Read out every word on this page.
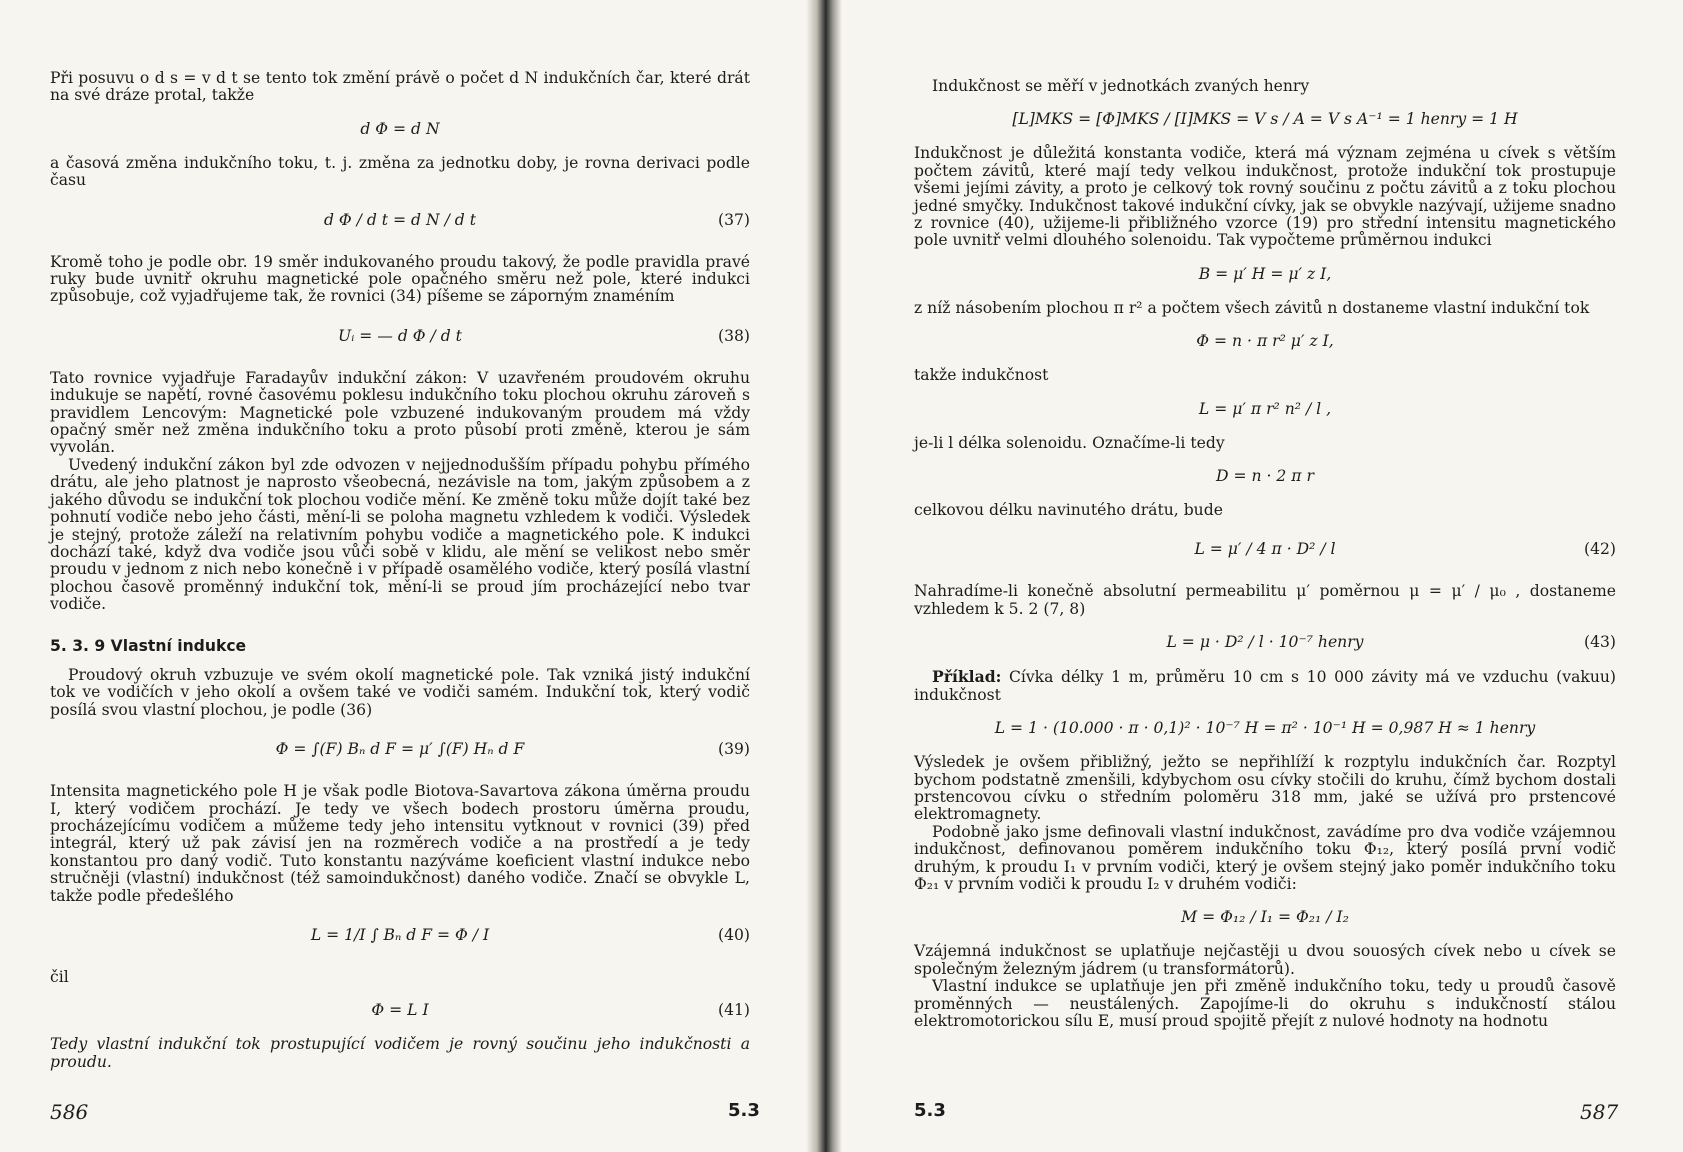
Při posuvu o d s = v d t se tento tok změní právě o počet d N indukčních čar, které drát na své dráze protal, takže

d Φ = d N

a časová změna indukčního toku, t. j. změna za jednotku doby, je rovna derivaci podle času

d Φ / d t = d N / d t	(37)

Kromě toho je podle obr. 19 směr indukovaného proudu takový, že podle pravidla pravé ruky bude uvnitř okruhu magnetické pole opačného směru než pole, které indukci způsobuje, což vyjadřujeme tak, že rovnici (34) píšeme se záporným znaméním

Uᵢ = — d Φ / d t	(38)

Tato rovnice vyjadřuje Faradayův indukční zákon: V uzavřeném proudovém okruhu indukuje se napětí, rovné časovému poklesu indukčního toku plochou okruhu zároveň s pravidlem Lencovým: Magnetické pole vzbuzené indukovaným proudem má vždy opačný směr než změna indukčního toku a proto působí proti změně, kterou je sám vyvolán.

Uvedený indukční zákon byl zde odvozen v nejjednodušším případu pohybu přímého drátu, ale jeho platnost je naprosto všeobecná, nezávisle na tom, jakým způsobem a z jakého důvodu se indukční tok plochou vodiče mění. Ke změně toku může dojít také bez pohnutí vodiče nebo jeho části, mění-li se poloha magnetu vzhledem k vodiči. Výsledek je stejný, protože záleží na relativním pohybu vodiče a magnetického pole. K indukci dochází také, když dva vodiče jsou vůči sobě v klidu, ale mění se velikost nebo směr proudu v jednom z nich nebo konečně i v případě osamělého vodiče, který posílá vlastní plochou časově proměnný indukční tok, mění-li se proud jím procházející nebo tvar vodiče.

5. 3. 9 Vlastní indukce

Proudový okruh vzbuzuje ve svém okolí magnetické pole. Tak vzniká jistý indukční tok ve vodičích v jeho okolí a ovšem také ve vodiči samém. Indukční tok, který vodič posílá svou vlastní plochou, je podle (36)

Φ = ∫(F) Bₙ d F = μ′ ∫(F) Hₙ d F	(39)

Intensita magnetického pole H je však podle Biotova-Savartova zákona úměrna proudu I, který vodičem prochází. Je tedy ve všech bodech prostoru úměrna proudu, procházejícímu vodičem a můžeme tedy jeho intensitu vytknout v rovnici (39) před integrál, který už pak závisí jen na rozměrech vodiče a na prostředí a je tedy konstantou pro daný vodič. Tuto konstantu nazýváme koeficient vlastní indukce nebo stručněji (vlastní) indukčnost (též samoindukčnost) daného vodiče. Značí se obvykle L, takže podle předešlého

L = 1/I ∫ Bₙ d F = Φ / I	(40)

čil

Φ = L I	(41)

Tedy vlastní indukční tok prostupující vodičem je rovný součinu jeho indukčnosti a proudu.

586	5.3

Indukčnost se měří v jednotkách zvaných henry

[L]MKS = [Φ]MKS / [I]MKS = V s / A = V s A⁻¹ = 1 henry = 1 H

Indukčnost je důležitá konstanta vodiče, která má význam zejména u cívek s větším počtem závitů, které mají tedy velkou indukčnost, protože indukční tok prostupuje všemi jejími závity, a proto je celkový tok rovný součinu z počtu závitů a z toku plochou jedné smyčky. Indukčnost takové indukční cívky, jak se obvykle nazývají, užijeme snadno z rovnice (40), užijeme-li přibližného vzorce (19) pro střední intensitu magnetického pole uvnitř velmi dlouhého solenoidu. Tak vypočteme průměrnou indukci

B = μ′ H = μ′ z I,

z níž násobením plochou π r² a počtem všech závitů n dostaneme vlastní indukční tok

Φ = n · π r² μ′ z I,

takže indukčnost

L = μ′ π r² n² / l ,

je-li l délka solenoidu. Označíme-li tedy

D = n · 2 π r

celkovou délku navinutého drátu, bude

L = μ′ / 4 π · D² / l	(42)

Nahradíme-li konečně absolutní permeabilitu μ′ poměrnou μ = μ′ / μ₀ , dostaneme vzhledem k 5. 2 (7, 8)

L = μ · D² / l · 10⁻⁷ henry	(43)

Příklad: Cívka délky 1 m, průměru 10 cm s 10 000 závity má ve vzduchu (vakuu) indukčnost

L = 1 · (10.000 · π · 0,1)² · 10⁻⁷ H = π² · 10⁻¹ H = 0,987 H ≈ 1 henry

Výsledek je ovšem přibližný, ježto se nepřihlíží k rozptylu indukčních čar. Rozptyl bychom podstatně zmenšili, kdybychom osu cívky stočili do kruhu, čímž bychom dostali prstencovou cívku o středním poloměru 318 mm, jaké se užívá pro prstencové elektromagnety.

Podobně jako jsme definovali vlastní indukčnost, zavádíme pro dva vodiče vzájemnou indukčnost, definovanou poměrem indukčního toku Φ₁₂, který posílá první vodič druhým, k proudu I₁ v prvním vodiči, který je ovšem stejný jako poměr indukčního toku Φ₂₁ v prvním vodiči k proudu I₂ v druhém vodiči:

M = Φ₁₂ / I₁ = Φ₂₁ / I₂

Vzájemná indukčnost se uplatňuje nejčastěji u dvou souosých cívek nebo u cívek se společným železným jádrem (u transformátorů).

Vlastní indukce se uplatňuje jen při změně indukčního toku, tedy u proudů časově proměnných — neustálených. Zapojíme-li do okruhu s indukčností stálou elektromotorickou sílu E, musí proud spojitě přejít z nulové hodnoty na hodnotu

5.3	587
